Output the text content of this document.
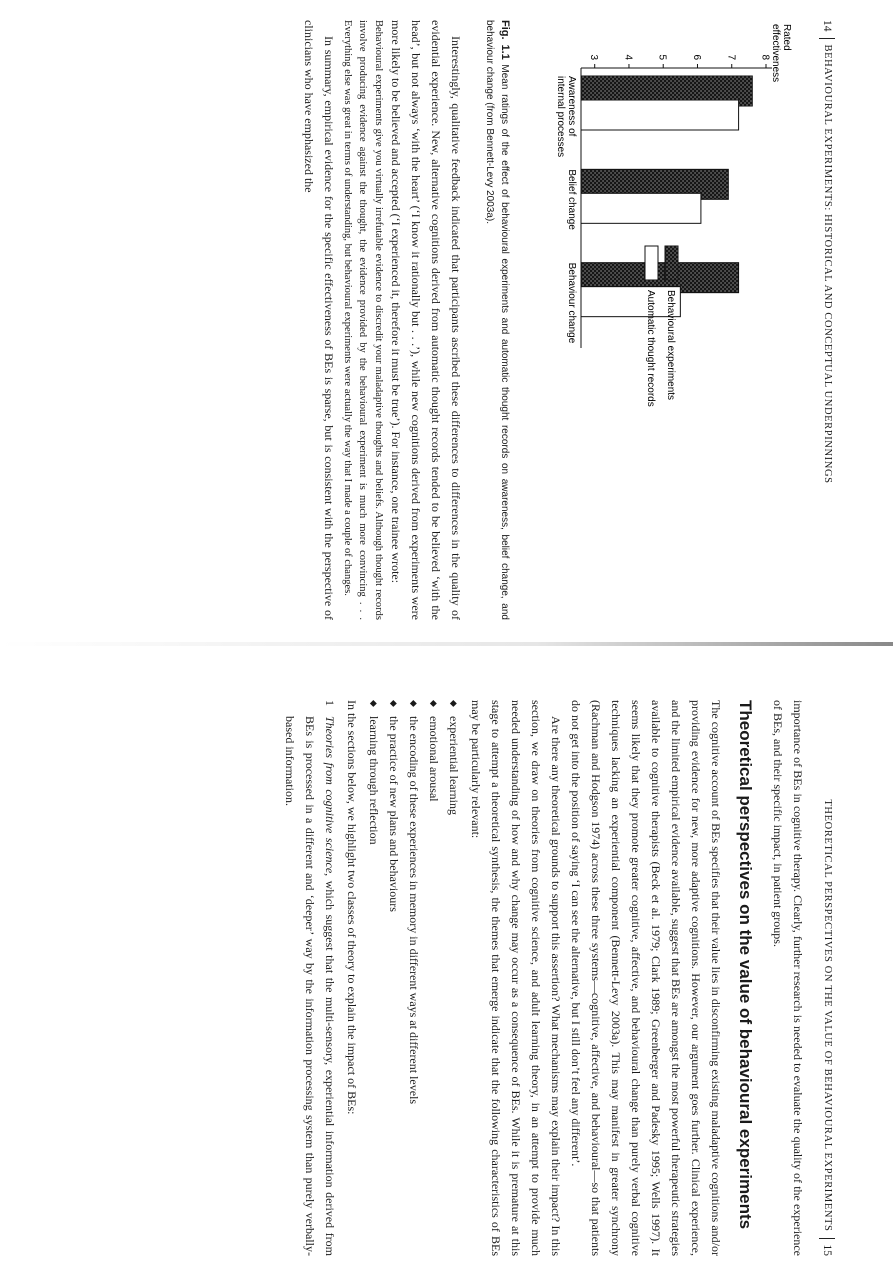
14
BEHAVIOURAL EXPERIMENTS: HISTORICAL AND CONCEPTUAL UNDERPINNINGS
Ratedeffectiveness
3 4 5 6 7 8
Awareness ofinternal processes
Belief change
Behaviour change	Behavioural experiments
Automatic thought records

Fig. 1.1 Mean ratings of the effect of behavioural experiments and automatic thought records on awareness, belief change, and behaviour change (from Bennett-Levy 2003a).

Interestingly, qualitative feedback indicated that participants ascribed these differences to differences in the quality of evidential experience. New, alternative cognitions derived from automatic thought records tended to be believed ‘with the head’, but not always ‘with the heart’ (‘I know it rationally but . . .’), while new cognitions derived from experiments were more likely to be believed and accepted (‘I experienced it, therefore it must be true’). For instance, one trainee wrote:

Behavioural experiments give you virtually irrefutable evidence to discredit your maladaptive thoughts and beliefs. Although thought records involve producing evidence against the thought, the evidence provided by the behavioural experiment is much more convincing . . . Everything else was great in terms of understanding, but behavioural experiments were actually the way that I made a couple of changes.

In summary, empirical evidence for the specific effectiveness of BEs is sparse, but is consistent with the perspective of clinicians who have emphasized the

THEORETICAL PERSPECTIVES ON THE VALUE OF BEHAVIOURAL EXPERIMENTS
15

importance of BEs in cognitive therapy. Clearly, further research is needed to evaluate the quality of the experience of BEs, and their specific impact, in patient groups.

Theoretical perspectives on the value of behavioural experiments

The cognitive account of BEs specifies that their value lies in disconfirming existing maladaptive cognitions and/or providing evidence for new, more adaptive cognitions. However, our argument goes further. Clinical experience, and the limited empirical evidence available, suggest that BEs are amongst the most powerful therapeutic strategies available to cognitive therapists (Beck et al. 1979; Clark 1989; Greenberger and Padesky 1995; Wells 1997). It seems likely that they promote greater cognitive, affective, and behavioural change than purely verbal cognitive techniques lacking an experiential component (Bennett-Levy 2003a). This may manifest in greater synchrony (Rachman and Hodgson 1974) across these three systems—cognitive, affective, and behavioural—so that patients do not get into the position of saying ‘I can see the alternative, but I still don’t feel any different’.

Are there any theoretical grounds to support this assertion? What mechanisms may explain their impact? In this section, we draw on theories from cognitive science, and adult learning theory, in an attempt to provide much needed understanding of how and why change may occur as a consequence of BEs. While it is premature at this stage to attempt a theoretical synthesis, the themes that emerge indicate that the following characteristics of BEs may be particularly relevant:

◆ experiential learning
◆ emotional arousal
◆ the encoding of these experiences in memory in different ways at different levels
◆ the practice of new plans and behaviours
◆ learning through reflection

In the sections below, we highlight two classes of theory to explain the impact of BEs:

1
Theories from cognitive science, which suggest that the multi-sensory, experiential information derived from BEs is processed in a different and ‘deeper’ way by the information processing system than purely verbally-based information.
